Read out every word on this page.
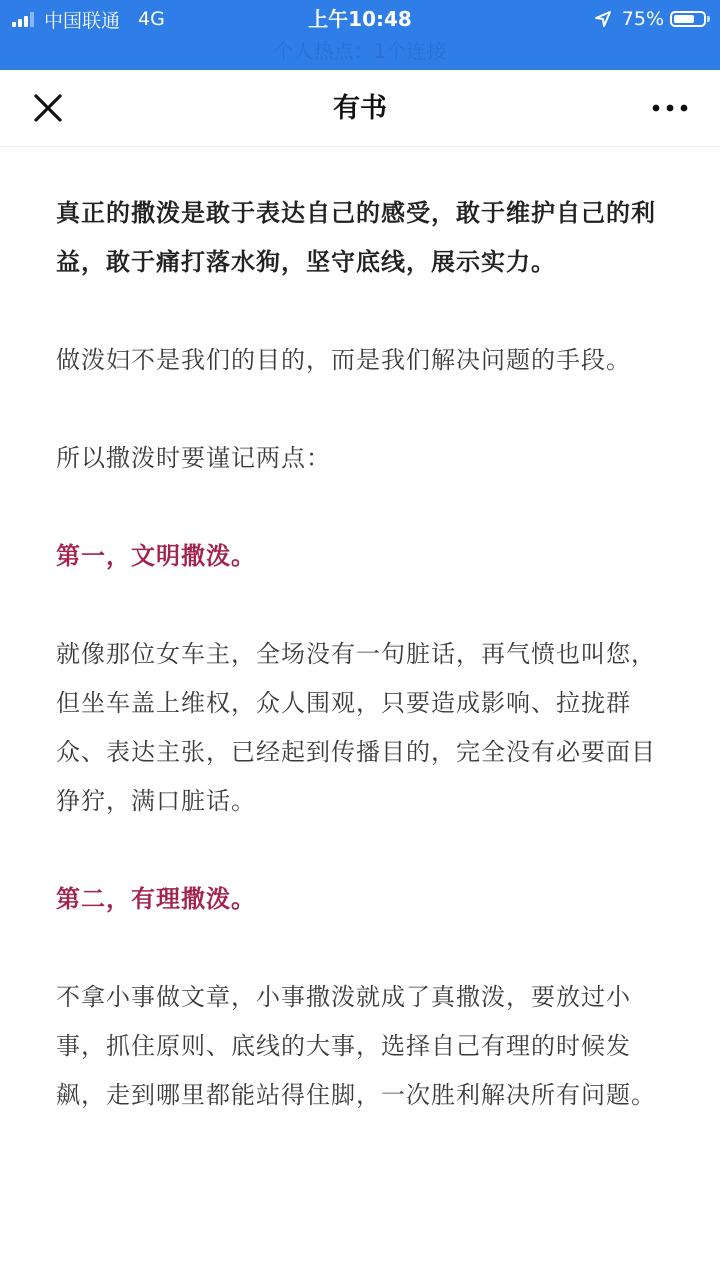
中国联通 4G	上午10:48	75%
个人热点：1个连接
有书

真正的撒泼是敢于表达自己的感受，敢于维护自己的利益，敢于痛打落水狗，坚守底线，展示实力。

做泼妇不是我们的目的，而是我们解决问题的手段。

所以撒泼时要谨记两点：

第一，文明撒泼。

就像那位女车主，全场没有一句脏话，再气愤也叫您，但坐车盖上维权，众人围观，只要造成影响、拉拢群众、表达主张，已经起到传播目的，完全没有必要面目狰狞，满口脏话。

第二，有理撒泼。

不拿小事做文章，小事撒泼就成了真撒泼，要放过小事，抓住原则、底线的大事，选择自己有理的时候发飙，走到哪里都能站得住脚，一次胜利解决所有问题。
